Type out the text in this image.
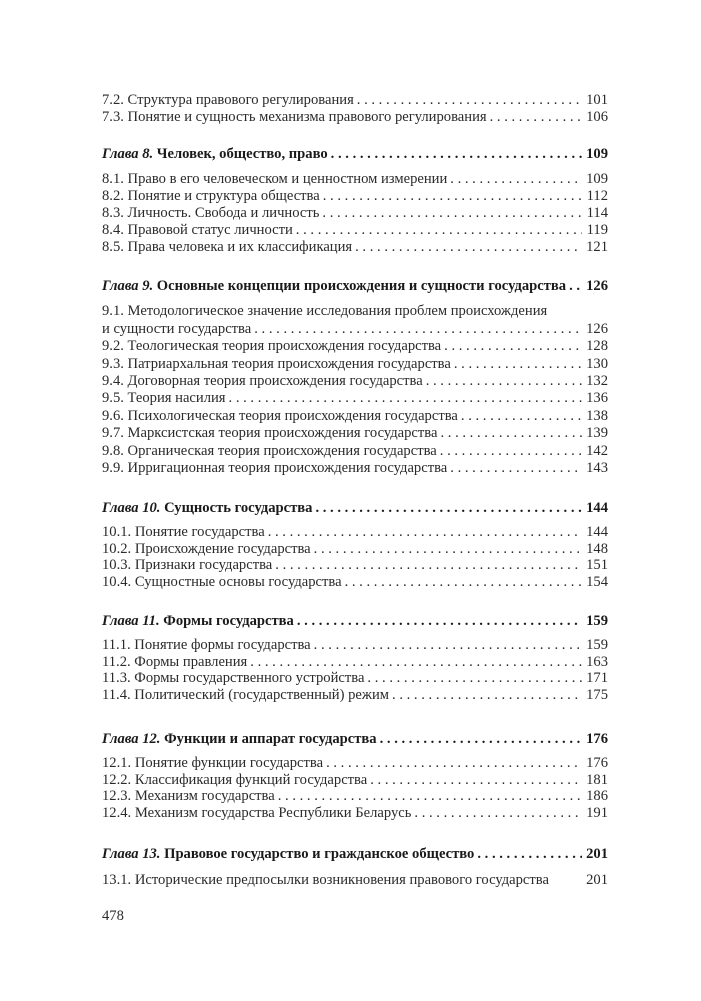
7.2. Структура правового регулирования . . .	101
7.3. Понятие и сущность механизма правового регулирования . . .	106
Глава 8. Человек, общество, право . . .	109
8.1. Право в его человеческом и ценностном измерении . . .	109
8.2. Понятие и структура общества . . .	112
8.3. Личность. Свобода и личность . . .	114
8.4. Правовой статус личности . . .	119
8.5. Права человека и их классификация . . .	121
Глава 9. Основные концепции происхождения и сущности государства . . . 126
9.1. Методологическое значение исследования проблем происхождения
и сущности государства . . .	126
9.2. Теологическая теория происхождения государства . . .	128
9.3. Патриархальная теория происхождения государства . . .	130
9.4. Договорная теория происхождения государства . . .	132
9.5. Теория насилия . . .	136
9.6. Психологическая теория происхождения государства . . .	138
9.7. Марксистская теория происхождения государства . . .	139
9.8. Органическая теория происхождения государства . . .	142
9.9. Ирригационная теория происхождения государства . . .	143
Глава 10. Сущность государства . . .	144
10.1. Понятие государства . . .	144
10.2. Происхождение государства . . .	148
10.3. Признаки государства . . .	151
10.4. Сущностные основы государства . . .	154
Глава 11. Формы государства . . .	159
11.1. Понятие формы государства . . .	159
11.2. Формы правления . . .	163
11.3. Формы государственного устройства . . .	171
11.4. Политический (государственный) режим . . .	175
Глава 12. Функции и аппарат государства . . .	176
12.1. Понятие функции государства . . .	176
12.2. Классификация функций государства . . .	181
12.3. Механизм государства . . .	186
12.4. Механизм государства Республики Беларусь . . .	191
Глава 13. Правовое государство и гражданское общество . . .	201
13.1. Исторические предпосылки возникновения правового государства	201
478
